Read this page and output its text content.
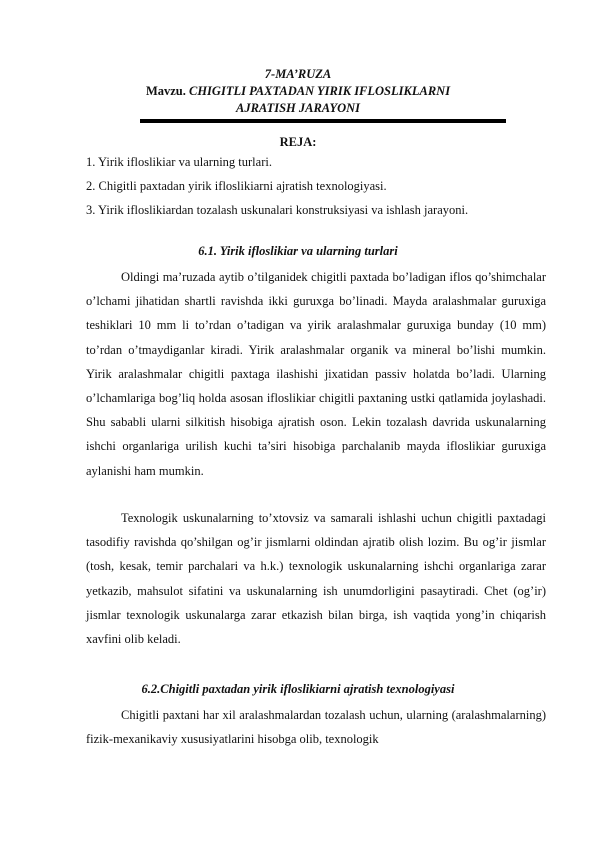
7-MA’RUZA
Mavzu. CHIGITLI PAXTADAN YIRIK IFLOSLIKLARNI
AJRATISH JARAYONI
REJA:
1. Yirik ifloslikiar va ularning turlari.
2. Chigitli paxtadan yirik ifloslikiarni ajratish texnologiyasi.
3. Yirik ifloslikiardan tozalash uskunalari konstruksiyasi va ishlash jarayoni.
6.1. Yirik ifloslikiar va ularning turlari
Oldingi ma’ruzada aytib o’tilganidek chigitli paxtada bo’ladigan iflos qo’shimchalar o’lchami jihatidan shartli ravishda ikki guruxga bo’linadi. Mayda aralashmalar guruxiga teshiklari 10 mm li to’rdan o’tadigan va yirik aralashmalar guruxiga bunday (10 mm) to’rdan o’tmaydiganlar kiradi. Yirik aralashmalar organik va mineral bo’lishi mumkin. Yirik aralashmalar chigitli paxtaga ilashishi jixatidan passiv holatda bo’ladi. Ularning o’lchamlariga bog’liq holda asosan ifloslikiar chigitli paxtaning ustki qatlamida joylashadi. Shu sababli ularni silkitish hisobiga ajratish oson. Lekin tozalash davrida uskunalarning ishchi organlariga urilish kuchi ta’siri hisobiga parchalanib mayda ifloslikiar guruxiga aylanishi ham mumkin.
Texnologik uskunalarning to’xtovsiz va samarali ishlashi uchun chigitli paxtadagi tasodifiy ravishda qo’shilgan og’ir jismlarni oldindan ajratib olish lozim. Bu og’ir jismlar (tosh, kesak, temir parchalari va h.k.) texnologik uskunalarning ishchi organlariga zarar yetkazib, mahsulot sifatini va uskunalarning ish unumdorligini pasaytiradi. Chet (og’ir) jismlar texnologik uskunalarga zarar etkazish bilan birga, ish vaqtida yong’in chiqarish xavfini olib keladi.
6.2.Chigitli paxtadan yirik ifloslikiarni ajratish texnologiyasi
Chigitli paxtani har xil aralashmalardan tozalash uchun, ularning (aralashmalarning) fizik-mexanikaviy xususiyatlarini hisobga olib, texnologik
